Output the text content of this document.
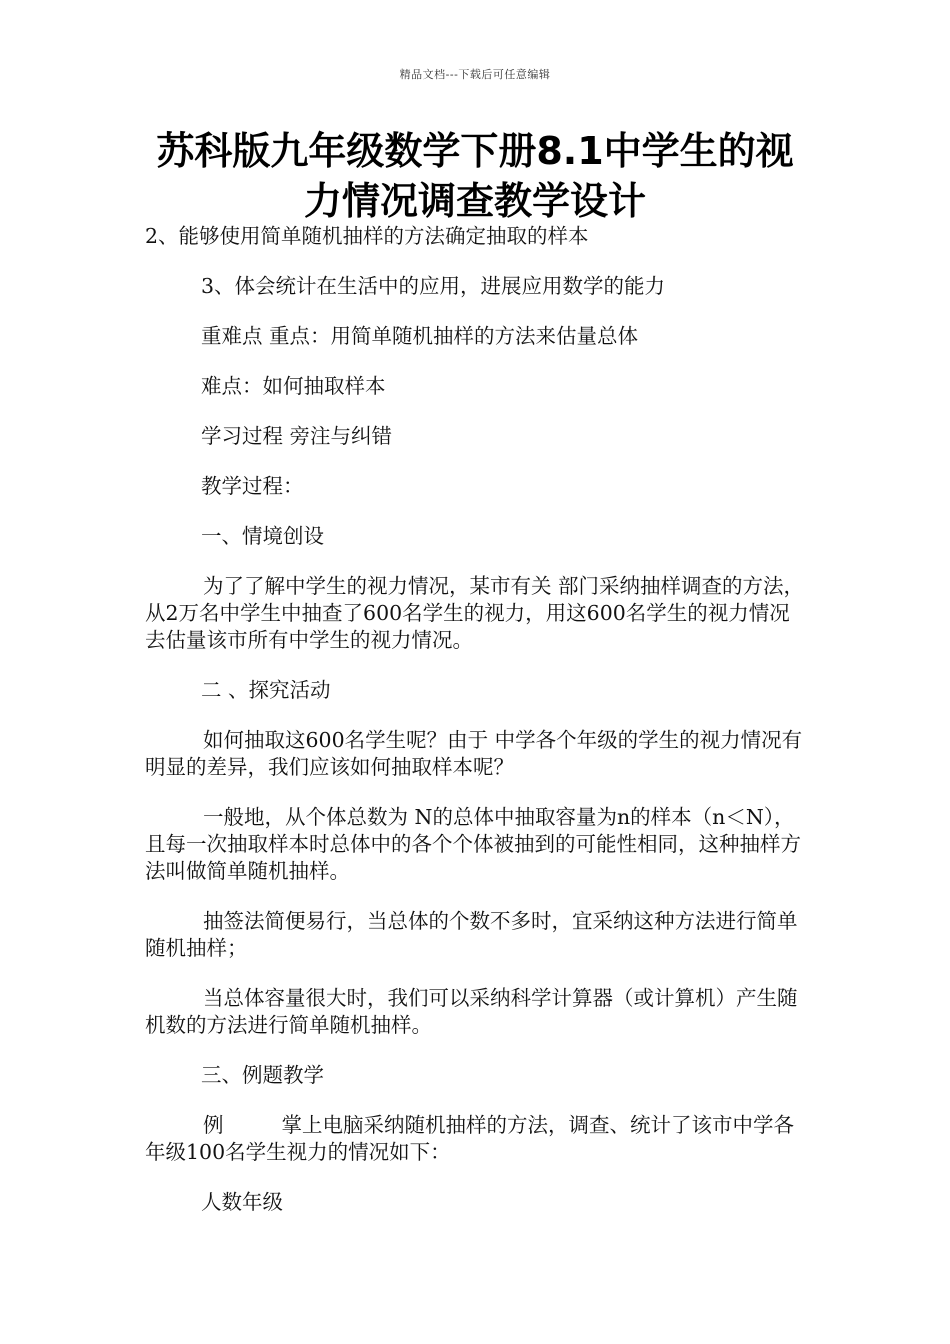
精品文档---下载后可任意编辑
苏科版九年级数学下册8.1中学生的视
力情况调查教学设计

2、能够使用简单随机抽样的方法确定抽取的样本

3、体会统计在生活中的应用，进展应用数学的能力

重难点 重点：用简单随机抽样的方法来估量总体

难点：如何抽取样本

学习过程 旁注与纠错

教学过程：

一、情境创设

为了了解中学生的视力情况，某市有关 部门采纳抽样调查的方法，从2万名中学生中抽查了600名学生的视力，用这600名学生的视力情况去估量该市所有中学生的视力情况。

二 、探究活动

如何抽取这600名学生呢？由于 中学各个年级的学生的视力情况有明显的差异，我们应该如何抽取样本呢？

一般地，从个体总数为 N的总体中抽取容量为n的样本（n＜N），且每一次抽取样本时总体中的各个个体被抽到的可能性相同，这种抽样方法叫做简单随机抽样。

抽签法简便易行，当总体的个数不多时，宜采纳这种方法进行简单随机抽样；

当总体容量很大时，我们可以采纳科学计算器（或计算机）产生随机数的方法进行简单随机抽样。

三、例题教学

例	掌上电脑采纳随机抽样的方法，调查、统计了该市中学各年级100名学生视力的情况如下：

人数年级
